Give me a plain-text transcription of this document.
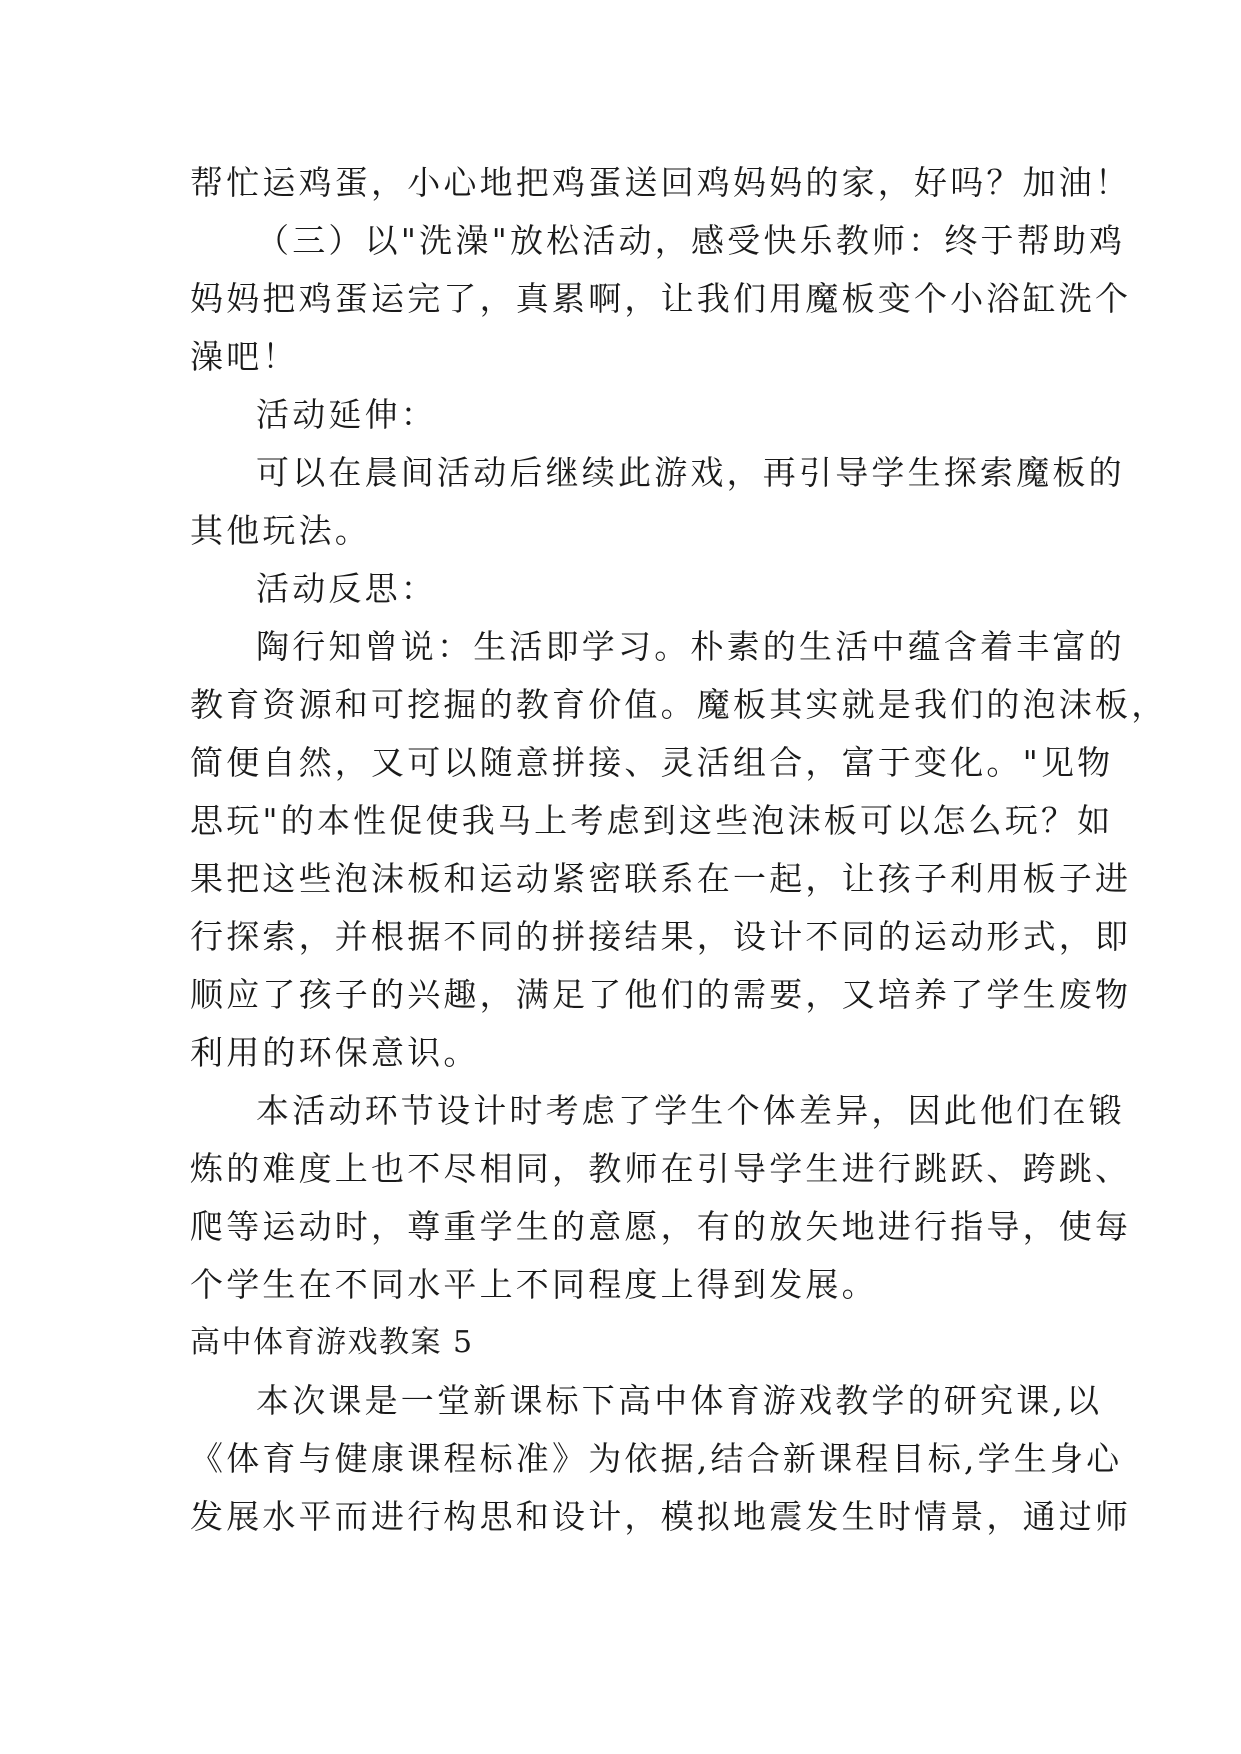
帮忙运鸡蛋，小心地把鸡蛋送回鸡妈妈的家，好吗？加油！
（三）以"洗澡"放松活动，感受快乐教师：终于帮助鸡
妈妈把鸡蛋运完了，真累啊，让我们用魔板变个小浴缸洗个
澡吧！
活动延伸：
可以在晨间活动后继续此游戏，再引导学生探索魔板的
其他玩法。
活动反思：
陶行知曾说：生活即学习。朴素的生活中蕴含着丰富的
教育资源和可挖掘的教育价值。魔板其实就是我们的泡沫板，
简便自然，又可以随意拼接、灵活组合，富于变化。"见物
思玩"的本性促使我马上考虑到这些泡沫板可以怎么玩？如
果把这些泡沫板和运动紧密联系在一起，让孩子利用板子进
行探索，并根据不同的拼接结果，设计不同的运动形式，即
顺应了孩子的兴趣，满足了他们的需要，又培养了学生废物
利用的环保意识。
本活动环节设计时考虑了学生个体差异，因此他们在锻
炼的难度上也不尽相同，教师在引导学生进行跳跃、跨跳、
爬等运动时，尊重学生的意愿，有的放矢地进行指导，使每
个学生在不同水平上不同程度上得到发展。
高中体育游戏教案 5
本次课是一堂新课标下高中体育游戏教学的研究课,以
《体育与健康课程标准》为依据,结合新课程目标,学生身心
发展水平而进行构思和设计，模拟地震发生时情景，通过师
